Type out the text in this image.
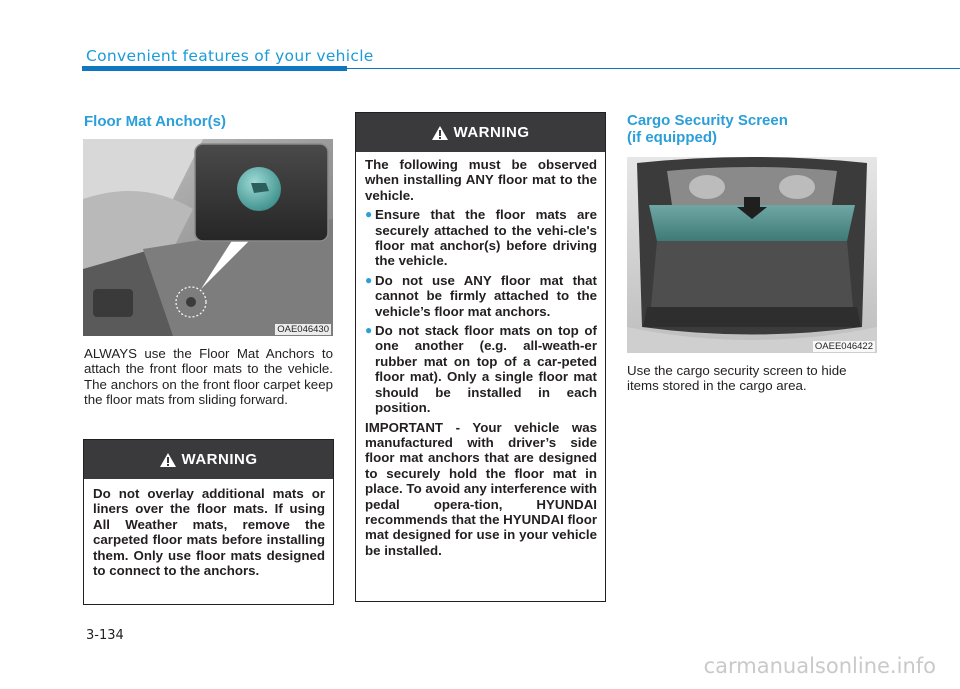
Convenient features of your vehicle
Floor Mat Anchor(s)
OAE046430
ALWAYS use the Floor Mat Anchors to attach the front floor mats to the vehicle. The anchors on the front floor carpet keep the floor mats from sliding forward.
WARNING

Do not overlay additional mats or liners over the floor mats. If using All Weather mats, remove the carpeted floor mats before installing them. Only use floor mats designed to connect to the anchors.

WARNING

The following must be observed when installing ANY floor mat to the vehicle.

● Ensure that the floor mats are securely attached to the vehi-cle's floor mat anchor(s) before driving the vehicle.
● Do not use ANY floor mat that cannot be firmly attached to the vehicle’s floor mat anchors.
● Do not stack floor mats on top of one another (e.g. all-weath-er rubber mat on top of a car-peted floor mat). Only a single floor mat should be installed in each position.

IMPORTANT - Your vehicle was manufactured with driver’s side floor mat anchors that are designed to securely hold the floor mat in place. To avoid any interference with pedal opera-tion, HYUNDAI recommends that the HYUNDAI floor mat designed for use in your vehicle be installed.

Cargo Security Screen
(if equipped)
OAEE046422
Use the cargo security screen to hide items stored in the cargo area.
3-134
carmanualsonline.info
